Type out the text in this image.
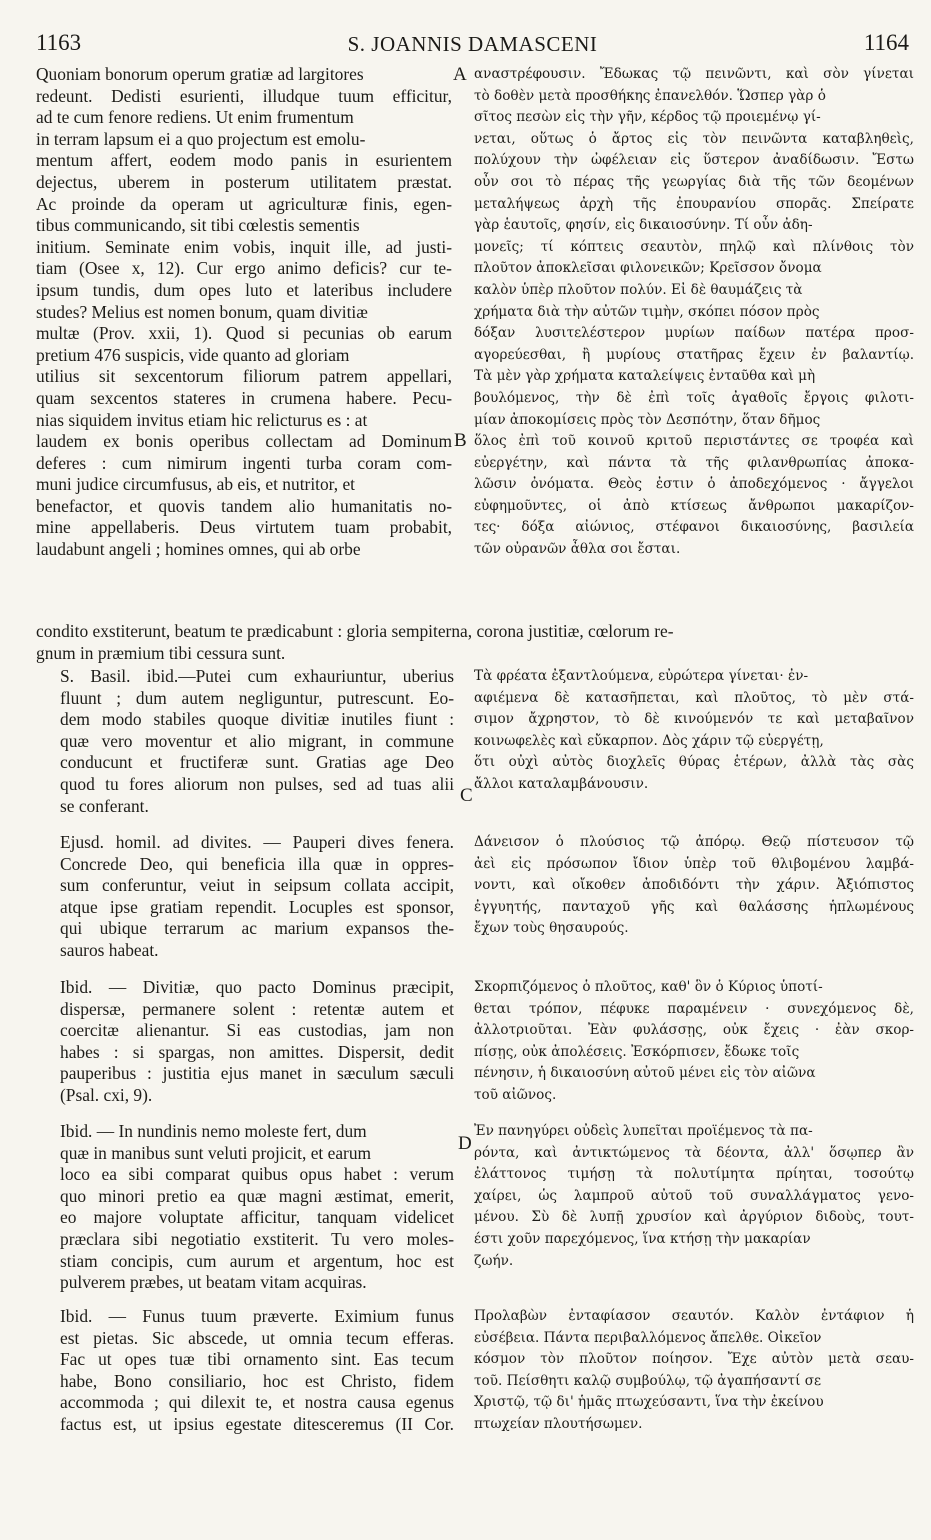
1163	S. JOANNIS DAMASCENI	1164
A
B
C
D
Quoniam bonorum operum gratiæ ad largitores
redeunt. Dedisti esurienti, illudque tuum efficitur,
ad te cum fenore rediens. Ut enim frumentum
in terram lapsum ei a quo projectum est emolu-
mentum affert, eodem modo panis in esurientem
dejectus, uberem in posterum utilitatem præstat.
Ac proinde da operam ut agriculturæ finis, egen-
tibus communicando, sit tibi cœlestis sementis
initium. Seminate enim vobis, inquit ille, ad justi-
tiam (Osee x, 12). Cur ergo animo deficis? cur te-
ipsum tundis, dum opes luto et lateribus includere
studes? Melius est nomen bonum, quam divitiæ
multæ (Prov. xxii, 1). Quod si pecunias ob earum
pretium 476 suspicis, vide quanto ad gloriam
utilius sit sexcentorum filiorum patrem appellari,
quam sexcentos stateres in crumena habere. Pecu-
nias siquidem invitus etiam hic relicturus es : at
laudem ex bonis operibus collectam ad Dominum
deferes : cum nimirum ingenti turba coram com-
muni judice circumfusus, ab eis, et nutritor, et
benefactor, et quovis tandem alio humanitatis no-
mine appellaberis. Deus virtutem tuam probabit,
laudabunt angeli ; homines omnes, qui ab orbe
αναστρέφουσιν. Ἔδωκας τῷ πεινῶντι, καὶ σὸν γίνεται
τὸ δοθὲν μετὰ προσθήκης ἐπανελθόν. Ὥσπερ γὰρ ὁ
σῖτος πεσὼν εἰς τὴν γῆν, κέρδος τῷ προιεμένῳ γί-
νεται, οὕτως ὁ ἄρτος εἰς τὸν πεινῶντα καταβληθεὶς,
πολύχουν τὴν ὠφέλειαν εἰς ὕστερον ἀναδίδωσιν. Ἔστω
οὖν σοι τὸ πέρας τῆς γεωργίας διὰ τῆς τῶν δεομένων
μεταλήψεως ἀρχὴ τῆς ἐπουρανίου σπορᾶς. Σπείρατε
γὰρ ἑαυτοῖς, φησίν, εἰς δικαιοσύνην. Τί οὖν ἀδη-
μονεῖς; τί κόπτεις σεαυτὸν, πηλῷ καὶ πλίνθοις τὸν
πλοῦτον ἀποκλεῖσαι φιλονεικῶν; Κρεῖσσον ὄνομα
καλὸν ὑπὲρ πλοῦτον πολύν. Εἰ δὲ θαυμάζεις τὰ
χρήματα διὰ τὴν αὐτῶν τιμὴν, σκόπει πόσον πρὸς
δόξαν λυσιτελέστερον μυρίων παίδων πατέρα προσ-
αγορεύεσθαι, ἢ μυρίους στατῆρας ἔχειν ἐν βαλαντίῳ.
Τὰ μὲν γὰρ χρήματα καταλείψεις ἐνταῦθα καὶ μὴ
βουλόμενος, τὴν δὲ ἐπὶ τοῖς ἀγαθοῖς ἔργοις φιλοτι-
μίαν ἀποκομίσεις πρὸς τὸν Δεσπότην, ὅταν δῆμος
ὅλος ἐπὶ τοῦ κοινοῦ κριτοῦ περιστάντες σε τροφέα καὶ
εὐεργέτην, καὶ πάντα τὰ τῆς φιλανθρωπίας ἀποκα-
λῶσιν ὀνόματα. Θεὸς ἐστιν ὁ ἀποδεχόμενος · ἄγγελοι
εὐφημοῦντες, οἱ ἀπὸ κτίσεως ἄνθρωποι μακαρίζον-
τες· δόξα αἰώνιος, στέφανοι δικαιοσύνης, βασιλεία
τῶν οὐρανῶν ἆθλα σοι ἔσται.
condito exstiterunt, beatum te prædicabunt : gloria sempiterna, corona justitiæ, cœlorum re-
gnum in præmium tibi cessura sunt.
S. Basil. ibid.—Putei cum exhauriuntur, uberius
fluunt ; dum autem negliguntur, putrescunt. Eo-
dem modo stabiles quoque divitiæ inutiles fiunt :
quæ vero moventur et alio migrant, in commune
conducunt et fructiferæ sunt. Gratias age Deo
quod tu fores aliorum non pulses, sed ad tuas alii
se conferant.
Τὰ φρέατα ἐξαντλούμενα, εὐρώτερα γίνεται· ἐν-
αφιέμενα δὲ κατασῆπεται, καὶ πλοῦτος, τὸ μὲν στά-
σιμον ἄχρηστον, τὸ δὲ κινούμενόν τε καὶ μεταβαῖνον
κοινωφελὲς καὶ εὔκαρπον. Δὸς χάριν τῷ εὐεργέτῃ,
ὅτι οὐχὶ αὐτὸς διοχλεῖς θύρας ἑτέρων, ἀλλὰ τὰς σὰς
ἄλλοι καταλαμβάνουσιν.
Ejusd. homil. ad divites. — Pauperi dives fenera.
Concrede Deo, qui beneficia illa quæ in oppres-
sum conferuntur, veiut in seipsum collata accipit,
atque ipse gratiam rependit. Locuples est sponsor,
qui ubique terrarum ac marium expansos the-
sauros habeat.
Δάνεισον ὁ πλούσιος τῷ ἀπόρῳ. Θεῷ πίστευσον τῷ
ἀεὶ εἰς πρόσωπον ἴδιον ὑπὲρ τοῦ θλιβομένου λαμβά-
νοντι, καὶ οἴκοθεν ἀποδιδόντι τὴν χάριν. Ἀξιόπιστος
ἐγγυητής, πανταχοῦ γῆς καὶ θαλάσσης ἡπλωμένους
ἔχων τοὺς θησαυρούς.
Ibid. — Divitiæ, quo pacto Dominus præcipit,
dispersæ, permanere solent : retentæ autem et
coercitæ alienantur. Si eas custodias, jam non
habes : si spargas, non amittes. Dispersit, dedit
pauperibus : justitia ejus manet in sæculum sæculi
(Psal. cxi, 9).
Σκορπιζόμενος ὁ πλοῦτος, καθ' ὃν ὁ Κύριος ὑποτί-
θεται τρόπον, πέφυκε παραμένειν · συνεχόμενος δὲ,
ἀλλοτριοῦται. Ἐὰν φυλάσσῃς, οὐκ ἔχεις · ἐὰν σκορ-
πίσῃς, οὐκ ἀπολέσεις. Ἐσκόρπισεν, ἔδωκε τοῖς
πένησιν, ἡ δικαιοσύνη αὐτοῦ μένει εἰς τὸν αἰῶνα
τοῦ αἰῶνος.
Ibid. — In nundinis nemo moleste fert, dum
quæ in manibus sunt veluti projicit, et earum
loco ea sibi comparat quibus opus habet : verum
quo minori pretio ea quæ magni æstimat, emerit,
eo majore voluptate afficitur, tanquam videlicet
præclara sibi negotiatio exstiterit. Tu vero moles-
stiam concipis, cum aurum et argentum, hoc est
pulverem præbes, ut beatam vitam acquiras.
Ἐν πανηγύρει οὐδεὶς λυπεῖται προϊέμενος τὰ πα-
ρόντα, καὶ ἀντικτώμενος τὰ δέοντα, ἀλλ' ὅσῳπερ ἂν
ἐλάττονος τιμήσῃ τὰ πολυτίμητα πρίηται, τοσούτῳ
χαίρει, ὡς λαμπροῦ αὐτοῦ τοῦ συναλλάγματος γενο-
μένου. Σὺ δὲ λυπῇ χρυσίον καὶ ἀργύριον διδοὺς, τουτ-
έστι χοῦν παρεχόμενος, ἵνα κτήσῃ τὴν μακαρίαν
ζωήν.
Ibid. — Funus tuum præverte. Eximium funus
est pietas. Sic abscede, ut omnia tecum efferas.
Fac ut opes tuæ tibi ornamento sint. Eas tecum
habe, Bono consiliario, hoc est Christo, fidem
accommoda ; qui dilexit te, et nostra causa egenus
factus est, ut ipsius egestate ditesceremus (II Cor.
Προλαβὼν ἐνταφίασον σεαυτόν. Καλὸν ἐντάφιον ἡ
εὐσέβεια. Πάντα περιβαλλόμενος ἄπελθε. Οἰκεῖον
κόσμον τὸν πλοῦτον ποίησον. Ἔχε αὐτὸν μετὰ σεαυ-
τοῦ. Πείσθητι καλῷ συμβούλῳ, τῷ ἀγαπήσαντί σε
Χριστῷ, τῷ δι' ἡμᾶς πτωχεύσαντι, ἵνα τὴν ἐκείνου
πτωχείαν πλουτήσωμεν.
